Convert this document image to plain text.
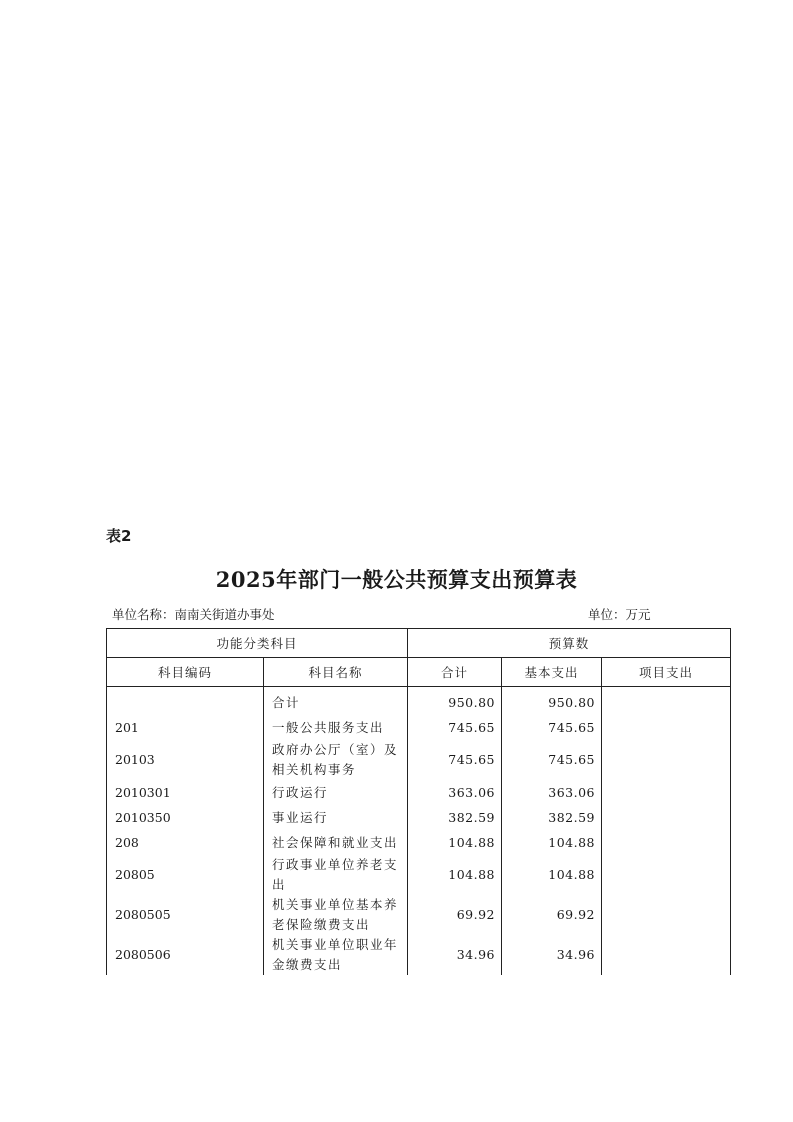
表2
2025年部门一般公共预算支出预算表
单位名称：南南关街道办事处	单位：万元
功能分类科目		预算数		
科目编码	科目名称	合计	基本支出	项目支出
	合计	950.80	950.80	
201	一般公共服务支出	745.65	745.65	
20103	政府办公厅（室）及相关机构事务	745.65	745.65	
2010301	行政运行	363.06	363.06	
2010350	事业运行	382.59	382.59	
208	社会保障和就业支出	104.88	104.88	
20805	行政事业单位养老支出	104.88	104.88	
2080505	机关事业单位基本养老保险缴费支出	69.92	69.92	
2080506	机关事业单位职业年金缴费支出	34.96	34.96	
